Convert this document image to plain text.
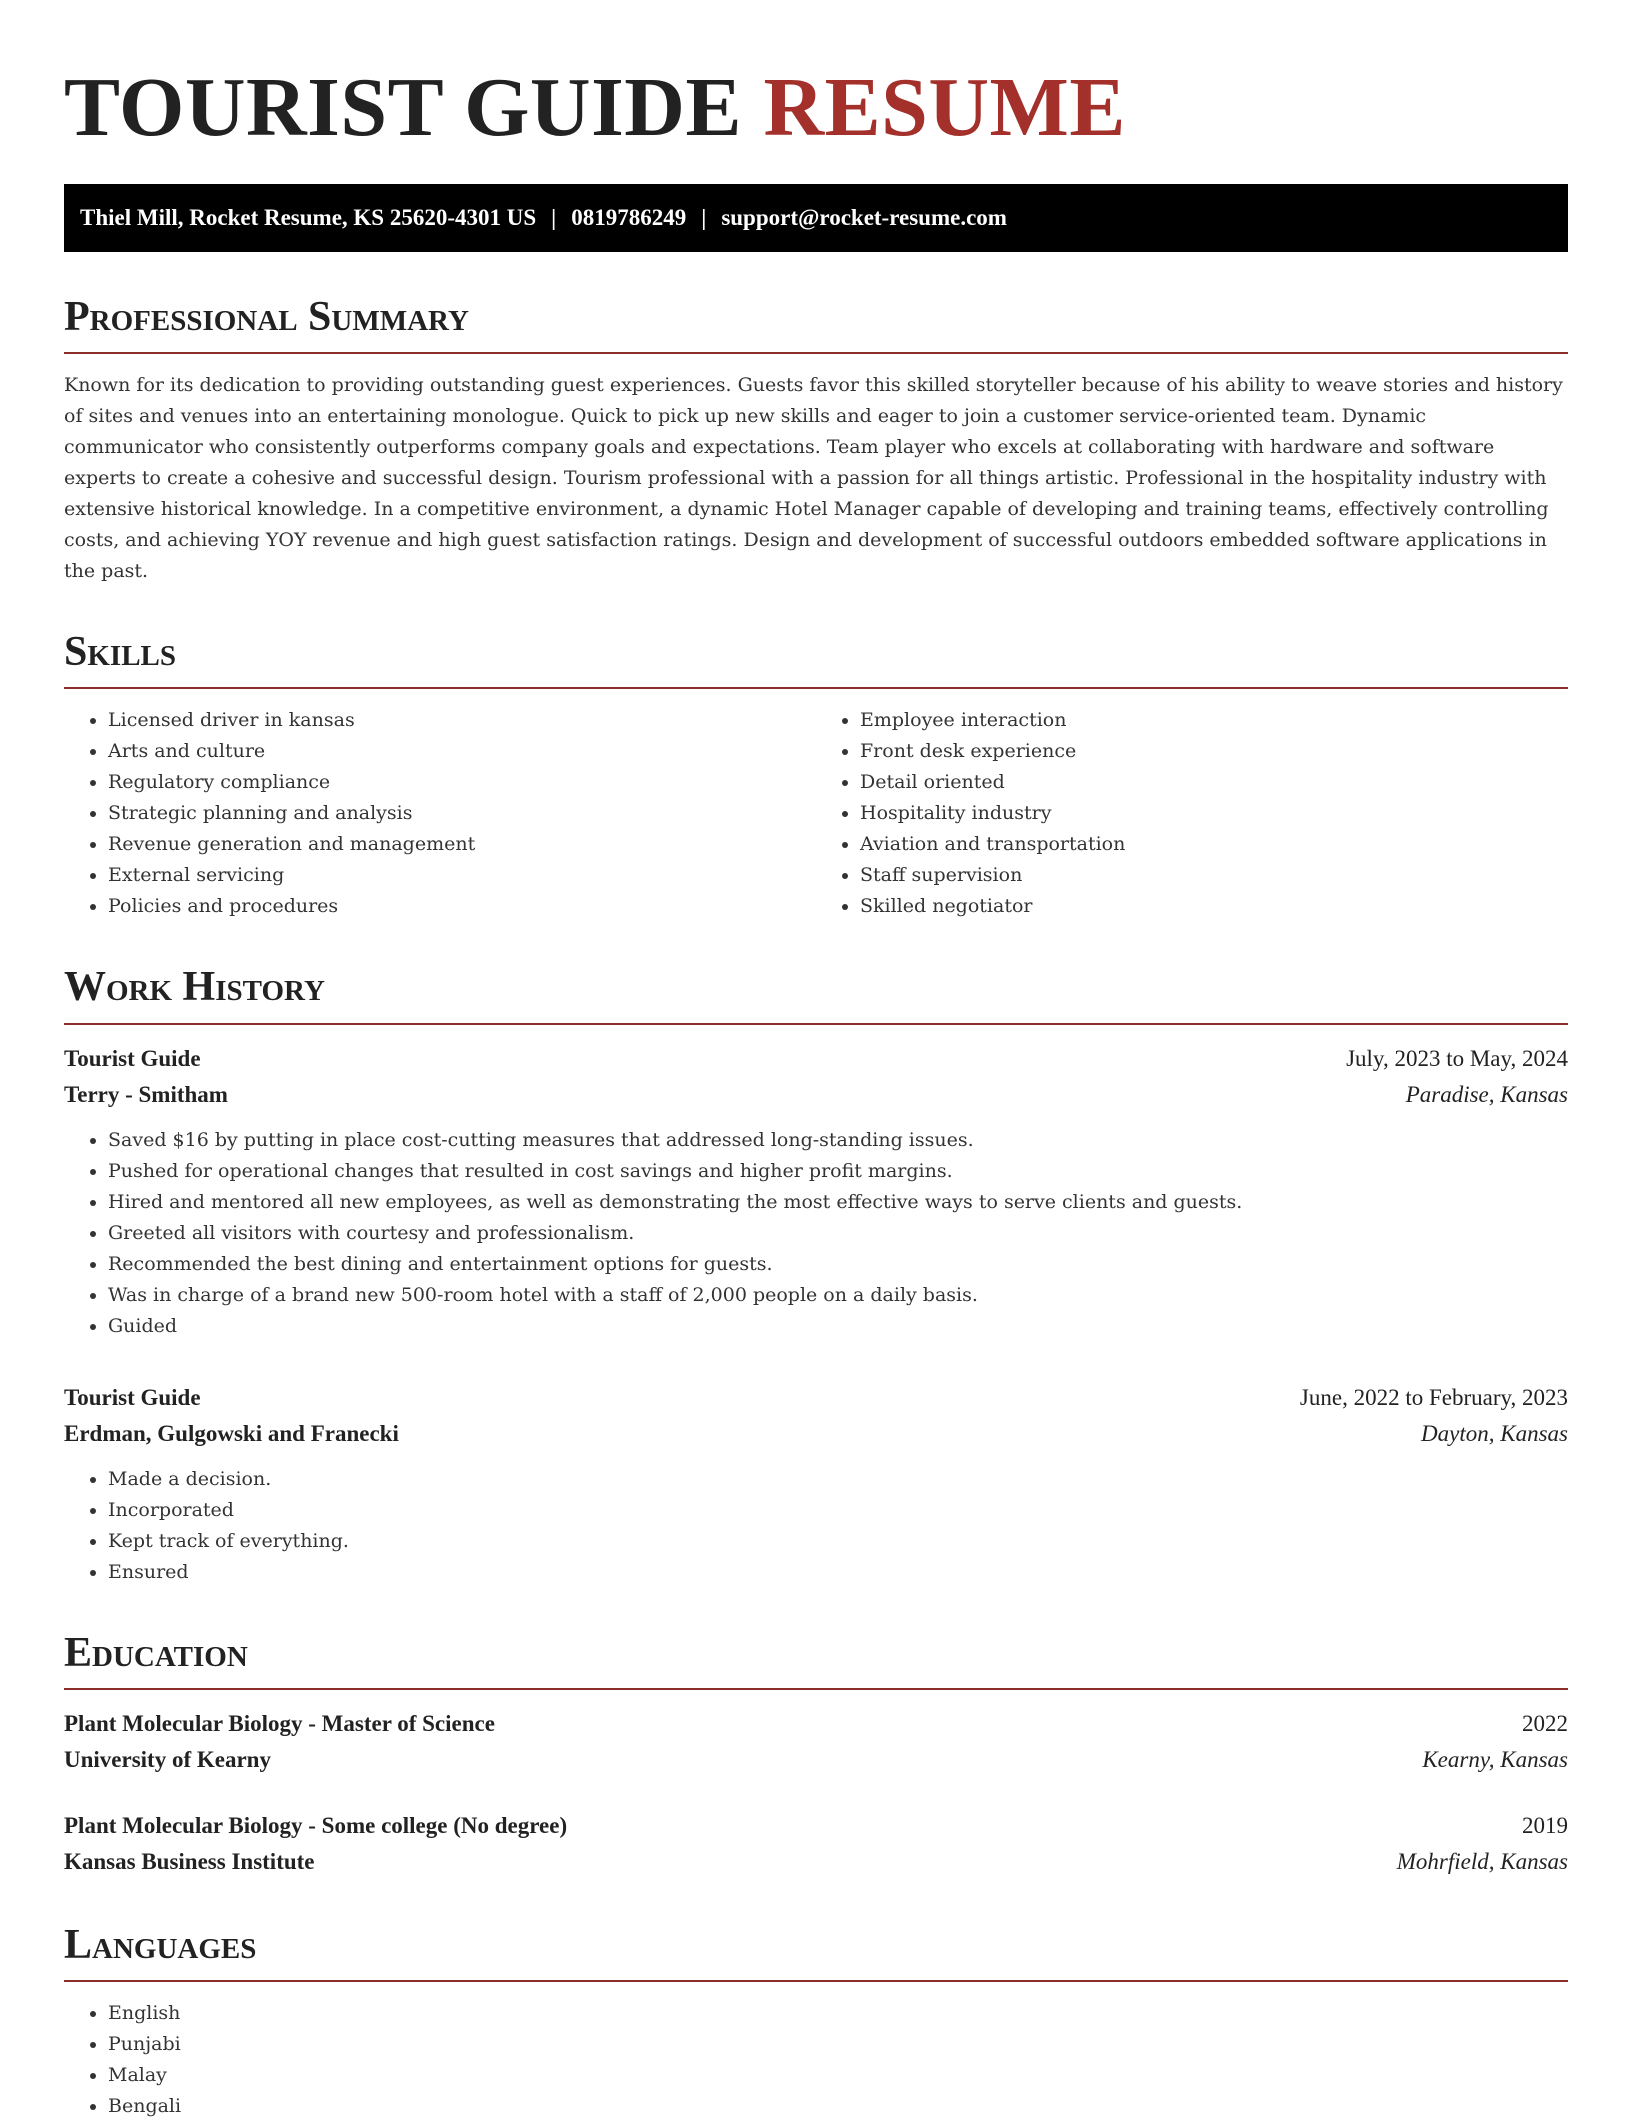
TOURIST GUIDE RESUME
Thiel Mill, Rocket Resume, KS 25620-4301 US | 0819786249 | support@rocket-resume.com
Professional Summary

Known for its dedication to providing outstanding guest experiences. Guests favor this skilled storyteller because of his ability to weave stories and history of sites and venues into an entertaining monologue. Quick to pick up new skills and eager to join a customer service-oriented team. Dynamic communicator who consistently outperforms company goals and expectations. Team player who excels at collaborating with hardware and software experts to create a cohesive and successful design. Tourism professional with a passion for all things artistic. Professional in the hospitality industry with extensive historical knowledge. In a competitive environment, a dynamic Hotel Manager capable of developing and training teams, effectively controlling costs, and achieving YOY revenue and high guest satisfaction ratings. Design and development of successful outdoors embedded software applications in the past.

Skills
• Licensed driver in kansas
• Arts and culture
• Regulatory compliance
• Strategic planning and analysis
• Revenue generation and management
• External servicing
• Policies and procedures
• Employee interaction
• Front desk experience
• Detail oriented
• Hospitality industry
• Aviation and transportation
• Staff supervision
• Skilled negotiator
Work History
Tourist Guide	July, 2023 to May, 2024
Terry - Smitham	Paradise, Kansas
• Saved $16 by putting in place cost-cutting measures that addressed long-standing issues.
• Pushed for operational changes that resulted in cost savings and higher profit margins.
• Hired and mentored all new employees, as well as demonstrating the most effective ways to serve clients and guests.
• Greeted all visitors with courtesy and professionalism.
• Recommended the best dining and entertainment options for guests.
• Was in charge of a brand new 500-room hotel with a staff of 2,000 people on a daily basis.
• Guided
Tourist Guide	June, 2022 to February, 2023
Erdman, Gulgowski and Franecki	Dayton, Kansas
• Made a decision.
• Incorporated
• Kept track of everything.
• Ensured
Education
Plant Molecular Biology - Master of Science	2022
University of Kearny	Kearny, Kansas
Plant Molecular Biology - Some college (No degree)	2019
Kansas Business Institute	Mohrfield, Kansas
Languages
• English
• Punjabi
• Malay
• Bengali
